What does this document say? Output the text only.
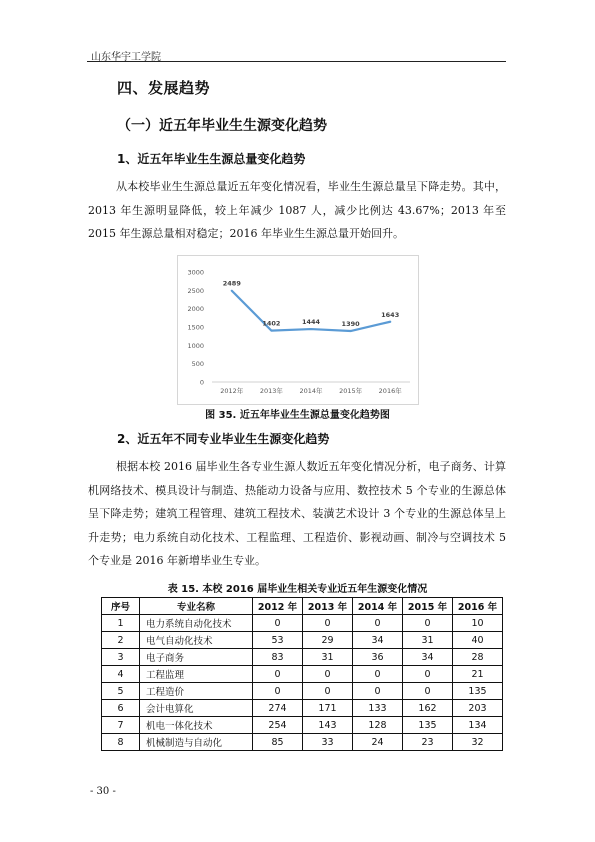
山东华宇工学院
四、发展趋势
（一）近五年毕业生生源变化趋势
1、近五年毕业生生源总量变化趋势

从本校毕业生生源总量近五年变化情况看，毕业生生源总量呈下降走势。其中，2013 年生源明显降低，较上年减少 1087 人，减少比例达 43.67%；2013 年至 2015 年生源总量相对稳定；2016 年毕业生生源总量开始回升。

0
500
1000
1500
2000
2500
3000
2012年	2013年	2014年	2015年	2016年
2489
1402	1444	1390
1643
图 35. 近五年毕业生生源总量变化趋势图
2、近五年不同专业毕业生生源变化趋势

根据本校 2016 届毕业生各专业生源人数近五年变化情况分析，电子商务、计算机网络技术、模具设计与制造、热能动力设备与应用、数控技术 5 个专业的生源总体呈下降走势；建筑工程管理、建筑工程技术、装潢艺术设计 3 个专业的生源总体呈上升走势；电力系统自动化技术、工程监理、工程造价、影视动画、制冷与空调技术 5 个专业是 2016 年新增毕业生专业。

表 15. 本校 2016 届毕业生相关专业近五年生源变化情况
序号	专业名称	2012 年	2013 年	2014 年	2015 年	2016 年
1	电力系统自动化技术	0	0	0	0	10
2	电气自动化技术	53	29	34	31	40
3	电子商务	83	31	36	34	28
4	工程监理	0	0	0	0	21
5	工程造价	0	0	0	0	135
6	会计电算化	274	171	133	162	203
7	机电一体化技术	254	143	128	135	134
8	机械制造与自动化	85	33	24	23	32
- 30 -
